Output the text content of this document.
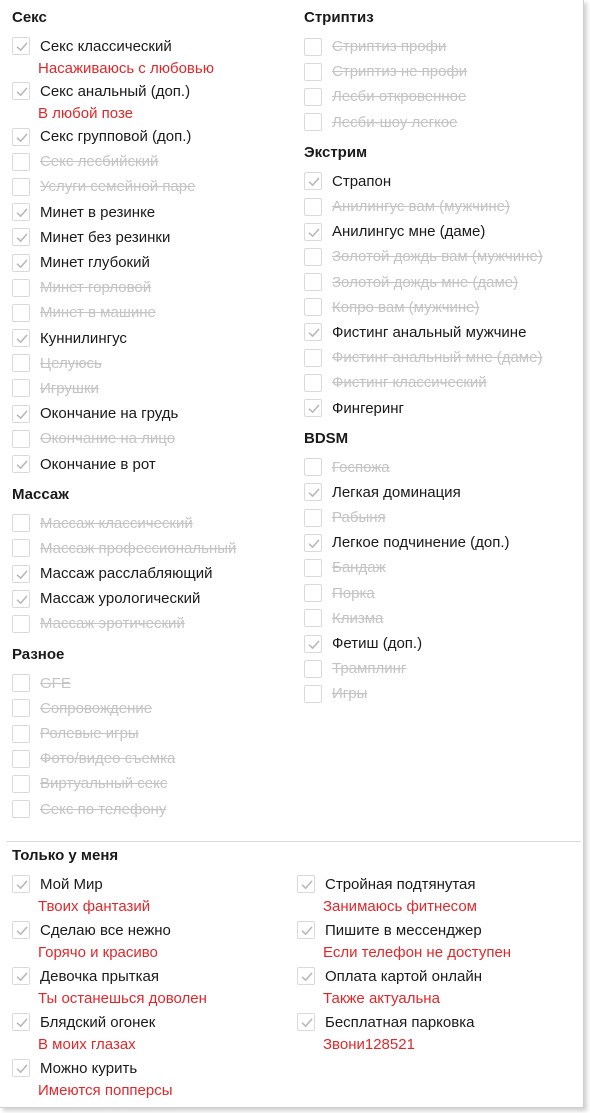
Секс
Секс классический
Насаживаюсь с любовью
Секс анальный (доп.)
В любой позе
Секс групповой (доп.)
Секс лесбийский
Услуги семейной паре
Минет в резинке
Минет без резинки
Минет глубокий
Минет горловой
Минет в машине
Куннилингус
Целуюсь
Игрушки
Окончание на грудь
Окончание на лицо
Окончание в рот
Массаж
Массаж классический
Массаж профессиональный
Массаж расслабляющий
Массаж урологический
Массаж эротический
Разное
GFE
Сопровождение
Ролевые игры
Фото/видео съемка
Виртуальный секс
Секс по телефону
Стриптиз
Стриптиз профи
Стриптиз не профи
Лесби откровенное
Лесби-шоу легкое
Экстрим
Страпон
Анилингус вам (мужчине)
Анилингус мне (даме)
Золотой дождь вам (мужчине)
Золотой дождь мне (даме)
Копро вам (мужчине)
Фистинг анальный мужчине
Фистинг анальный мне (даме)
Фистинг классический
Фингеринг
BDSM
Госпожа
Легкая доминация
Рабыня
Легкое подчинение (доп.)
Бандаж
Порка
Клизма
Фетиш (доп.)
Трамплинг
Игры
Только у меня
Мой Мир
Твоих фантазий
Сделаю все нежно
Горячо и красиво
Девочка прыткая
Ты останешься доволен
Блядский огонек
В моих глазах
Можно курить
Имеются попперсы
Стройная подтянутая
Занимаюсь фитнесом
Пишите в мессенджер
Если телефон не доступен
Оплата картой онлайн
Также актуальна
Бесплатная парковка
Звони128521
